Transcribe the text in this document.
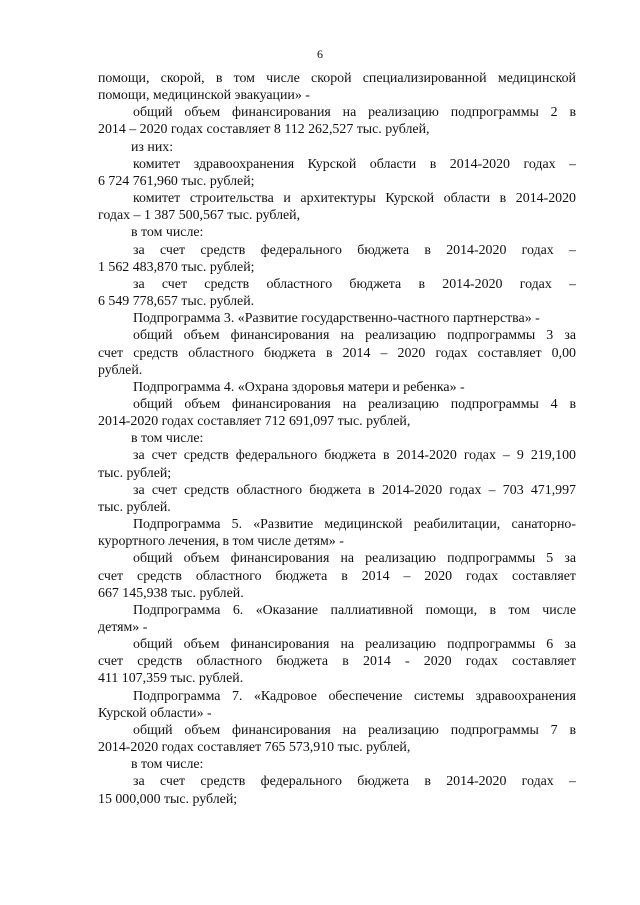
6
помощи, скорой, в том числе скорой специализированной медицинской
помощи, медицинской эвакуации» -
общий объем финансирования на реализацию подпрограммы 2 в
2014 – 2020 годах составляет 8 112 262,527 тыс. рублей,
из них:
комитет здравоохранения Курской области в 2014-2020 годах –
6 724 761,960 тыс. рублей;
комитет строительства и архитектуры Курской области в 2014-2020
годах – 1 387 500,567 тыс. рублей,
в том числе:
за счет средств федерального бюджета в 2014-2020 годах –
1 562 483,870 тыс. рублей;
за счет средств областного бюджета в 2014-2020 годах –
6 549 778,657 тыс. рублей.
Подпрограмма 3. «Развитие государственно-частного партнерства» -
общий объем финансирования на реализацию подпрограммы 3 за
счет средств областного бюджета в 2014 – 2020 годах составляет 0,00
рублей.
Подпрограмма 4. «Охрана здоровья матери и ребенка» -
общий объем финансирования на реализацию подпрограммы 4 в
2014-2020 годах составляет 712 691,097 тыс. рублей,
в том числе:
за счет средств федерального бюджета в 2014-2020 годах – 9 219,100
тыс. рублей;
за счет средств областного бюджета в 2014-2020 годах – 703 471,997
тыс. рублей.
Подпрограмма 5. «Развитие медицинской реабилитации, санаторно-
курортного лечения, в том числе детям» -
общий объем финансирования на реализацию подпрограммы 5 за
счет средств областного бюджета в 2014 – 2020 годах составляет
667 145,938 тыс. рублей.
Подпрограмма 6. «Оказание паллиативной помощи, в том числе
детям» -
общий объем финансирования на реализацию подпрограммы 6 за
счет средств областного бюджета в 2014 - 2020 годах составляет
411 107,359 тыс. рублей.
Подпрограмма 7. «Кадровое обеспечение системы здравоохранения
Курской области» -
общий объем финансирования на реализацию подпрограммы 7 в
2014-2020 годах составляет 765 573,910 тыс. рублей,
в том числе:
за счет средств федерального бюджета в 2014-2020 годах –
15 000,000 тыс. рублей;
